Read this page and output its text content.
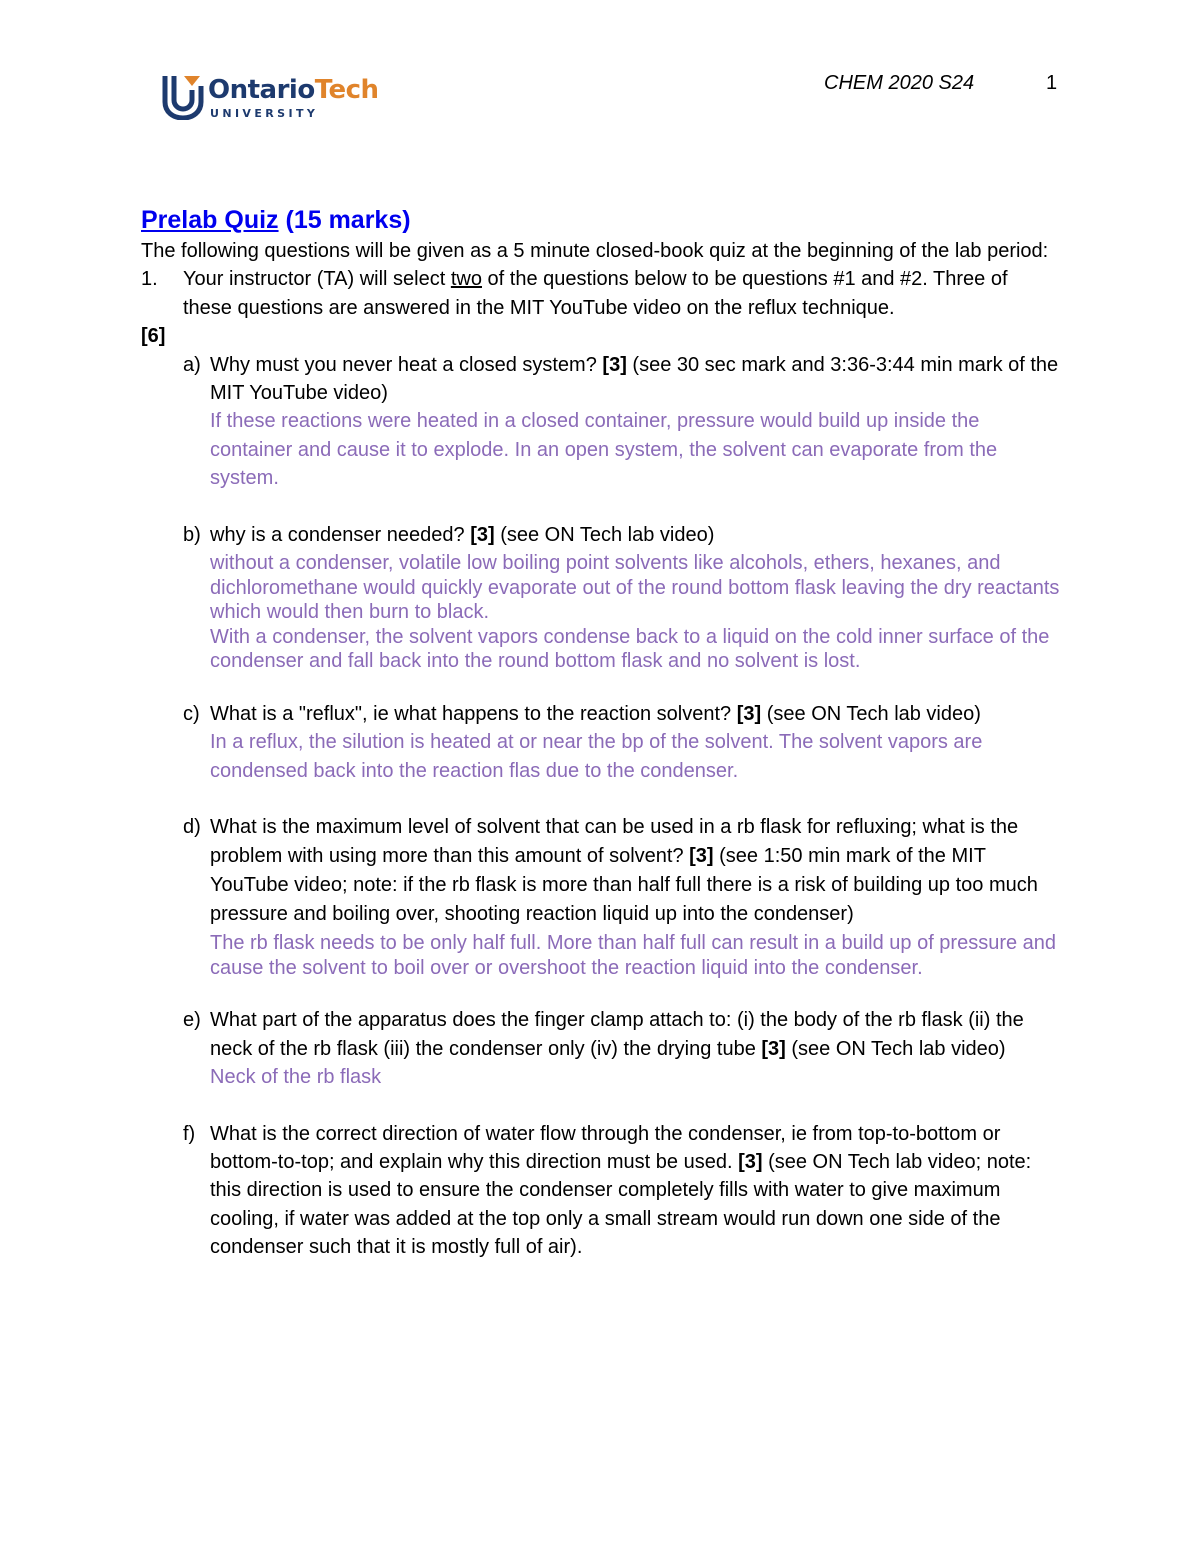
OntarioTech
UNIVERSITY
CHEM 2020 S24	1
Prelab Quiz (15 marks)
The following questions will be given as a 5 minute closed-book quiz at the beginning of the lab period:
1.	Your instructor (TA) will select two of the questions below to be questions #1 and #2. Three of these questions are answered in the MIT YouTube video on the reflux technique.
[6]
a) Why must you never heat a closed system? [3] (see 30 sec mark and 3:36-3:44 min mark of the MIT YouTube video)
If these reactions were heated in a closed container, pressure would build up inside the container and cause it to explode. In an open system, the solvent can evaporate from the system.
b) why is a condenser needed? [3] (see ON Tech lab video)
without a condenser, volatile low boiling point solvents like alcohols, ethers, hexanes, and dichloromethane would quickly evaporate out of the round bottom flask leaving the dry reactants which would then burn to black.
With a condenser, the solvent vapors condense back to a liquid on the cold inner surface of the condenser and fall back into the round bottom flask and no solvent is lost.
c) What is a "reflux", ie what happens to the reaction solvent? [3] (see ON Tech lab video)
In a reflux, the silution is heated at or near the bp of the solvent. The solvent vapors are condensed back into the reaction flas due to the condenser.
d) What is the maximum level of solvent that can be used in a rb flask for refluxing; what is the problem with using more than this amount of solvent? [3] (see 1:50 min mark of the MIT YouTube video; note: if the rb flask is more than half full there is a risk of building up too much pressure and boiling over, shooting reaction liquid up into the condenser)
The rb flask needs to be only half full. More than half full can result in a build up of pressure and cause the solvent to boil over or overshoot the reaction liquid into the condenser.
e) What part of the apparatus does the finger clamp attach to: (i) the body of the rb flask (ii) the neck of the rb flask (iii) the condenser only (iv) the drying tube [3] (see ON Tech lab video)
Neck of the rb flask
f) What is the correct direction of water flow through the condenser, ie from top-to-bottom or bottom-to-top; and explain why this direction must be used. [3] (see ON Tech lab video; note: this direction is used to ensure the condenser completely fills with water to give maximum cooling, if water was added at the top only a small stream would run down one side of the condenser such that it is mostly full of air).
